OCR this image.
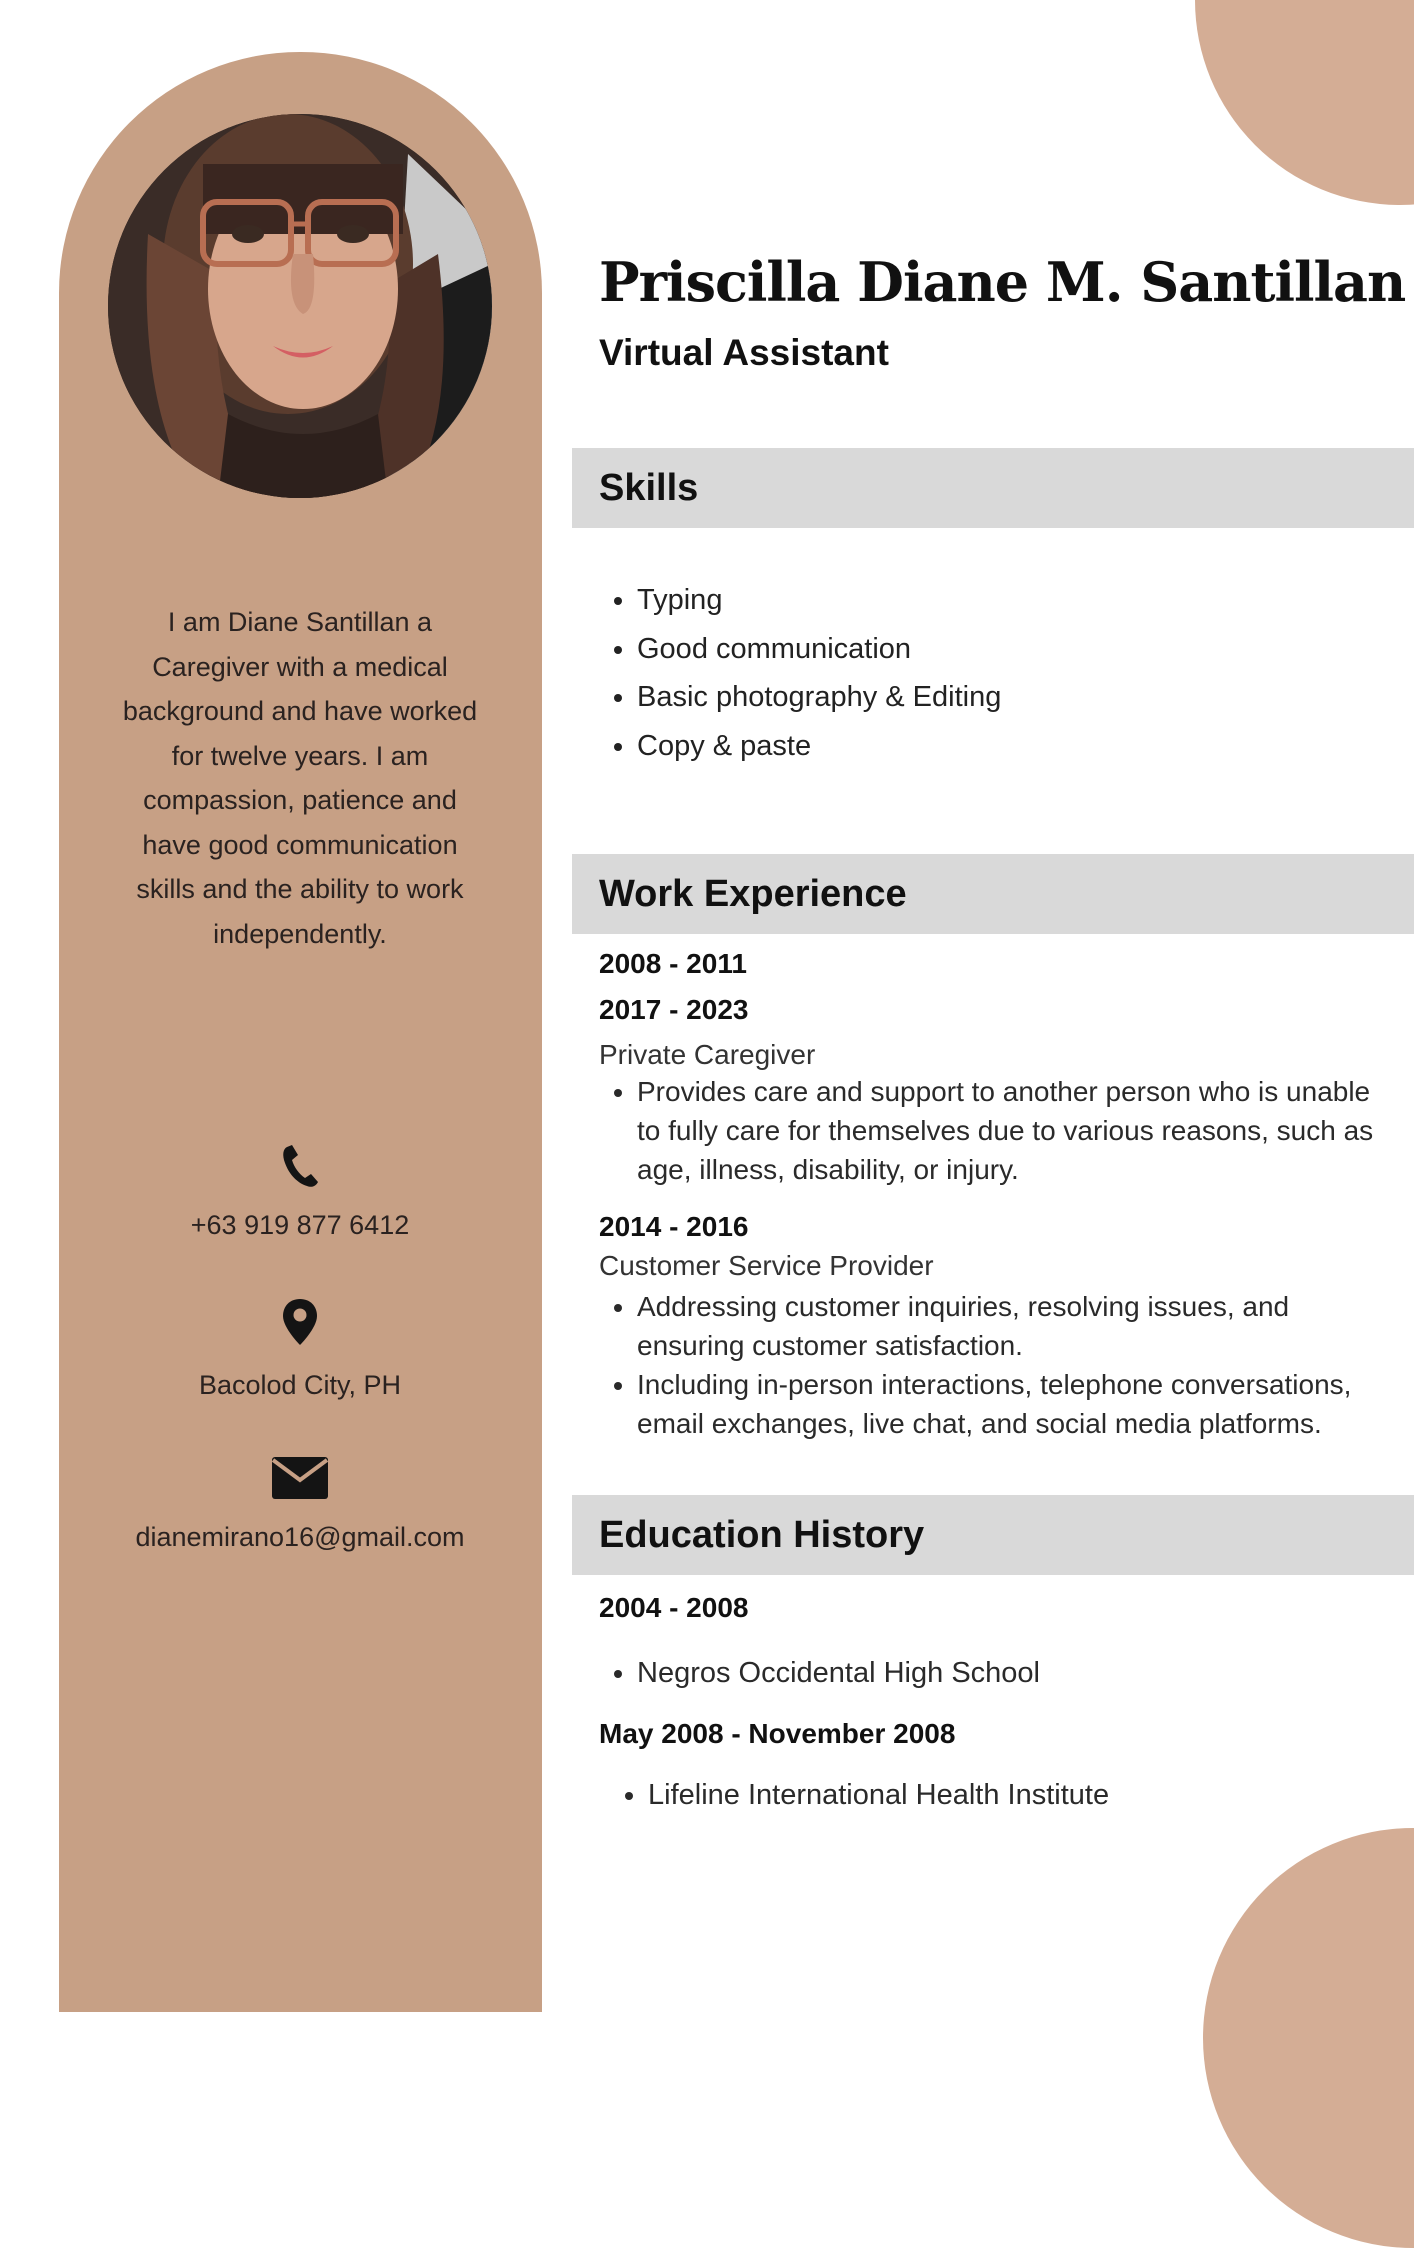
I am Diane Santillan a Caregiver with a medical background and have worked for twelve years. I am compassion, patience and have good communication skills and the ability to work independently.
+63 919 877 6412
Bacolod City, PH
dianemirano16@gmail.com
Priscilla Diane M. Santillan
Virtual Assistant
Skills
• Typing
• Good communication
• Basic photography & Editing
• Copy & paste
Work Experience
2008 - 2011
2017 - 2023
Private Caregiver
• Provides care and support to another person who is unable to fully care for themselves due to various reasons, such as age, illness, disability, or injury.
2014 - 2016
Customer Service Provider
• Addressing customer inquiries, resolving issues, and ensuring customer satisfaction.
• Including in-person interactions, telephone conversations, email exchanges, live chat, and social media platforms.
Education History
2004 - 2008
• Negros Occidental High School
May 2008 - November 2008
• Lifeline International Health Institute
